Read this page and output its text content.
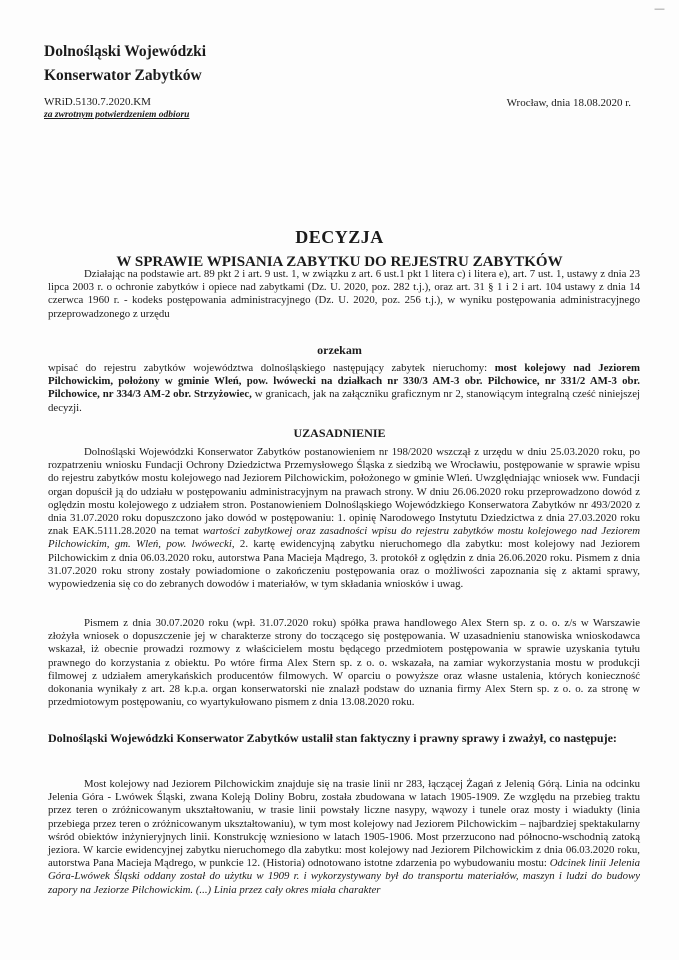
—
Dolnośląski Wojewódzki
Konserwator Zabytków
WRiD.5130.7.2020.KM
za zwrotnym potwierdzeniem odbioru
Wrocław, dnia 18.08.2020 r.
DECYZJA
W SPRAWIE WPISANIA ZABYTKU DO REJESTRU ZABYTKÓW

Działając na podstawie art. 89 pkt 2 i art. 9 ust. 1, w związku z art. 6 ust.1 pkt 1 litera c) i litera e), art. 7 ust. 1, ustawy z dnia 23 lipca 2003 r. o ochronie zabytków i opiece nad zabytkami (Dz. U. 2020, poz. 282 t.j.), oraz art. 31 § 1 i 2 i art. 104 ustawy z dnia 14 czerwca 1960 r. - kodeks postępowania administracyjnego (Dz. U. 2020, poz. 256 t.j.), w wyniku postępowania administracyjnego przeprowadzonego z urzędu

orzekam

wpisać do rejestru zabytków województwa dolnośląskiego następujący zabytek nieruchomy: most kolejowy nad Jeziorem Pilchowickim, położony w gminie Wleń, pow. lwówecki na działkach nr 330/3 AM-3 obr. Pilchowice, nr 331/2 AM-3 obr. Pilchowice, nr 334/3 AM-2 obr. Strzyżowiec, w granicach, jak na załączniku graficznym nr 2, stanowiącym integralną cześć niniejszej decyzji.

UZASADNIENIE

Dolnośląski Wojewódzki Konserwator Zabytków postanowieniem nr 198/2020 wszczął z urzędu w dniu 25.03.2020 roku, po rozpatrzeniu wniosku Fundacji Ochrony Dziedzictwa Przemysłowego Śląska z siedzibą we Wrocławiu, postępowanie w sprawie wpisu do rejestru zabytków mostu kolejowego nad Jeziorem Pilchowickim, położonego w gminie Wleń. Uwzględniając wniosek ww. Fundacji organ dopuścił ją do udziału w postępowaniu administracyjnym na prawach strony. W dniu 26.06.2020 roku przeprowadzono dowód z oględzin mostu kolejowego z udziałem stron. Postanowieniem Dolnośląskiego Wojewódzkiego Konserwatora Zabytków nr 493/2020 z dnia 31.07.2020 roku dopuszczono jako dowód w postępowaniu: 1. opinię Narodowego Instytutu Dziedzictwa z dnia 27.03.2020 roku znak EAK.5111.28.2020 na temat wartości zabytkowej oraz zasadności wpisu do rejestru zabytków mostu kolejowego nad Jeziorem Pilchowickim, gm. Wleń, pow. lwówecki, 2. kartę ewidencyjną zabytku nieruchomego dla zabytku: most kolejowy nad Jeziorem Pilchowickim z dnia 06.03.2020 roku, autorstwa Pana Macieja Mądrego, 3. protokół z oględzin z dnia 26.06.2020 roku. Pismem z dnia 31.07.2020 roku strony zostały powiadomione o zakończeniu postępowania oraz o możliwości zapoznania się z aktami sprawy, wypowiedzenia się co do zebranych dowodów i materiałów, w tym składania wniosków i uwag.

Pismem z dnia 30.07.2020 roku (wpł. 31.07.2020 roku) spółka prawa handlowego Alex Stern sp. z o. o. z/s w Warszawie złożyła wniosek o dopuszczenie jej w charakterze strony do toczącego się postępowania. W uzasadnieniu stanowiska wnioskodawca wskazał, iż obecnie prowadzi rozmowy z właścicielem mostu będącego przedmiotem postępowania w sprawie uzyskania tytułu prawnego do korzystania z obiektu. Po wtóre firma Alex Stern sp. z o. o. wskazała, na zamiar wykorzystania mostu w produkcji filmowej z udziałem amerykańskich producentów filmowych. W oparciu o powyższe oraz własne ustalenia, których konieczność dokonania wynikały z art. 28 k.p.a. organ konserwatorski nie znalazł podstaw do uznania firmy Alex Stern sp. z o. o. za stronę w przedmiotowym postępowaniu, co wyartykułowano pismem z dnia 13.08.2020 roku.

Dolnośląski Wojewódzki Konserwator Zabytków ustalił stan faktyczny i prawny sprawy i zważył, co następuje:

Most kolejowy nad Jeziorem Pilchowickim znajduje się na trasie linii nr 283, łączącej Żagań z Jelenią Górą. Linia na odcinku Jelenia Góra - Lwówek Śląski, zwana Koleją Doliny Bobru, została zbudowana w latach 1905-1909. Ze względu na przebieg traktu przez teren o zróżnicowanym ukształtowaniu, w trasie linii powstały liczne nasypy, wąwozy i tunele oraz mosty i wiadukty (linia przebiega przez teren o zróżnicowanym ukształtowaniu), w tym most kolejowy nad Jeziorem Pilchowickim – najbardziej spektakularny wśród obiektów inżynieryjnych linii. Konstrukcję wzniesiono w latach 1905-1906. Most przerzucono nad północno-wschodnią zatoką jeziora. W karcie ewidencyjnej zabytku nieruchomego dla zabytku: most kolejowy nad Jeziorem Pilchowickim z dnia 06.03.2020 roku, autorstwa Pana Macieja Mądrego, w punkcie 12. (Historia) odnotowano istotne zdarzenia po wybudowaniu mostu: Odcinek linii Jelenia Góra-Lwówek Śląski oddany został do użytku w 1909 r. i wykorzystywany był do transportu materiałów, maszyn i ludzi do budowy zapory na Jeziorze Pilchowickim. (...) Linia przez cały okres miała charakter
